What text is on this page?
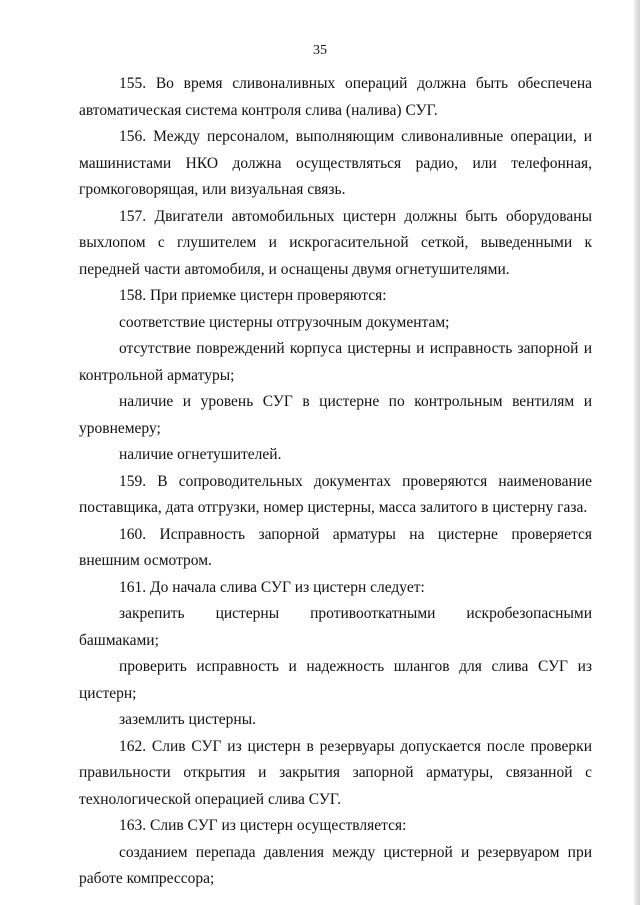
35

155. Во время сливоналивных операций должна быть обеспечена автоматическая система контроля слива (налива) СУГ.

156. Между персоналом, выполняющим сливоналивные операции, и машинистами НКО должна осуществляться радио, или телефонная, громкоговорящая, или визуальная связь.

157. Двигатели автомобильных цистерн должны быть оборудованы выхлопом с глушителем и искрогасительной сеткой, выведенными к передней части автомобиля, и оснащены двумя огнетушителями.

158. При приемке цистерн проверяются:

соответствие цистерны отгрузочным документам;

отсутствие повреждений корпуса цистерны и исправность запорной и контрольной арматуры;

наличие и уровень СУГ в цистерне по контрольным вентилям и уровнемеру;

наличие огнетушителей.

159. В сопроводительных документах проверяются наименование поставщика, дата отгрузки, номер цистерны, масса залитого в цистерну газа.

160. Исправность запорной арматуры на цистерне проверяется внешним осмотром.

161. До начала слива СУГ из цистерн следует:

закрепить цистерны противооткатными искробезопасными башмаками;

проверить исправность и надежность шлангов для слива СУГ из цистерн;

заземлить цистерны.

162. Слив СУГ из цистерн в резервуары допускается после проверки правильности открытия и закрытия запорной арматуры, связанной с технологической операцией слива СУГ.

163. Слив СУГ из цистерн осуществляется:

созданием перепада давления между цистерной и резервуаром при работе компрессора;
